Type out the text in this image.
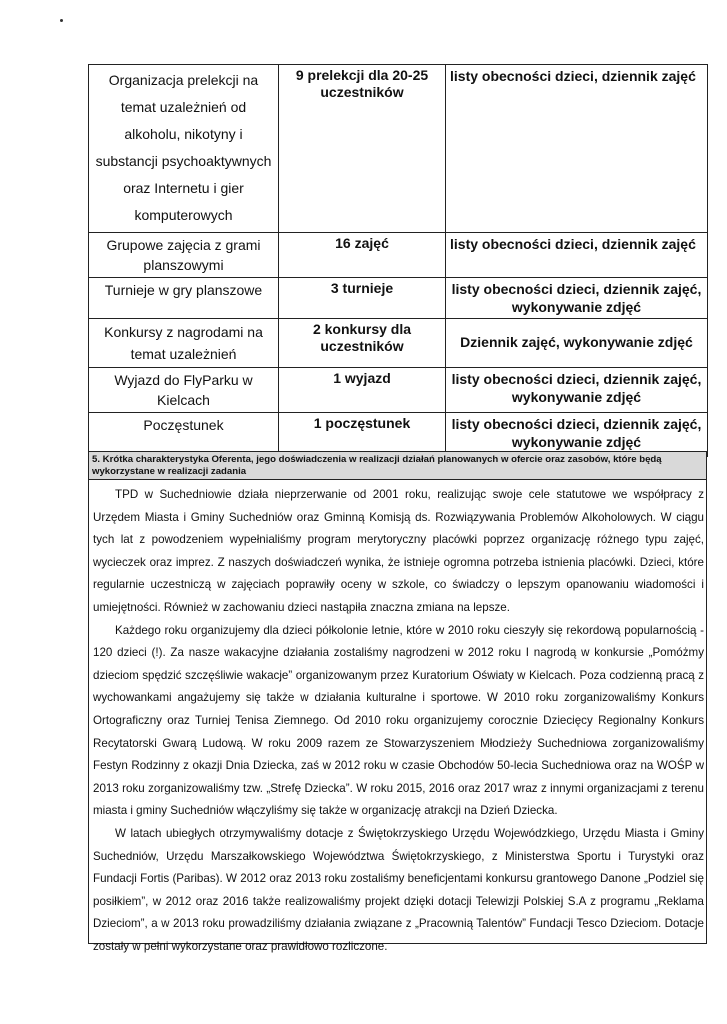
Organizacja prelekcji na temat uzależnień od alkoholu, nikotyny i substancji psychoaktywnych oraz Internetu i gier komputerowych	9 prelekcji dla 20-25 uczestników	listy obecności dzieci, dziennik zajęć
Grupowe zajęcia z grami planszowymi	16 zajęć	listy obecności dzieci, dziennik zajęć
Turnieje w gry planszowe	3 turnieje	listy obecności dzieci, dziennik zajęć, wykonywanie zdjęć
Konkursy z nagrodami na temat uzależnień	2 konkursy dla uczestników	Dziennik zajęć, wykonywanie zdjęć
Wyjazd do FlyParku w Kielcach	1 wyjazd	listy obecności dzieci, dziennik zajęć, wykonywanie zdjęć
Poczęstunek	1 poczęstunek	listy obecności dzieci, dziennik zajęć, wykonywanie zdjęć
5. Krótka charakterystyka Oferenta, jego doświadczenia w realizacji działań planowanych w ofercie oraz zasobów, które będą wykorzystane w realizacji zadania

TPD w Suchedniowie działa nieprzerwanie od 2001 roku, realizując swoje cele statutowe we współpracy z Urzędem Miasta i Gminy Suchedniów oraz Gminną Komisją ds. Rozwiązywania Problemów Alkoholowych. W ciągu tych lat z powodzeniem wypełnialiśmy program merytoryczny placówki poprzez organizację różnego typu zajęć, wycieczek oraz imprez. Z naszych doświadczeń wynika, że istnieje ogromna potrzeba istnienia placówki. Dzieci, które regularnie uczestniczą w zajęciach poprawiły oceny w szkole, co świadczy o lepszym opanowaniu wiadomości i umiejętności. Również w zachowaniu dzieci nastąpiła znaczna zmiana na lepsze.

Każdego roku organizujemy dla dzieci półkolonie letnie, które w 2010 roku cieszyły się rekordową popularnością - 120 dzieci (!). Za nasze wakacyjne działania zostaliśmy nagrodzeni w 2012 roku I nagrodą w konkursie „Pomóżmy dzieciom spędzić szczęśliwie wakacje” organizowanym przez Kuratorium Oświaty w Kielcach. Poza codzienną pracą z wychowankami angażujemy się także w działania kulturalne i sportowe. W 2010 roku zorganizowaliśmy Konkurs Ortograficzny oraz Turniej Tenisa Ziemnego. Od 2010 roku organizujemy corocznie Dziecięcy Regionalny Konkurs Recytatorski Gwarą Ludową. W roku 2009 razem ze Stowarzyszeniem Młodzieży Suchedniowa zorganizowaliśmy Festyn Rodzinny z okazji Dnia Dziecka, zaś w 2012 roku w czasie Obchodów 50-lecia Suchedniowa oraz na WOŚP w 2013 roku zorganizowaliśmy tzw. „Strefę Dziecka”. W roku 2015, 2016 oraz 2017 wraz z innymi organizacjami z terenu miasta i gminy Suchedniów włączyliśmy się także w organizację atrakcji na Dzień Dziecka.

W latach ubiegłych otrzymywaliśmy dotacje z Świętokrzyskiego Urzędu Wojewódzkiego, Urzędu Miasta i Gminy Suchedniów, Urzędu Marszałkowskiego Województwa Świętokrzyskiego, z Ministerstwa Sportu i Turystyki oraz Fundacji Fortis (Paribas). W 2012 oraz 2013 roku zostaliśmy beneficjentami konkursu grantowego Danone „Podziel się posiłkiem”, w 2012 oraz 2016 także realizowaliśmy projekt dzięki dotacji Telewizji Polskiej S.A z programu „Reklama Dzieciom”, a w 2013 roku prowadziliśmy działania związane z „Pracownią Talentów” Fundacji Tesco Dzieciom. Dotacje zostały w pełni wykorzystane oraz prawidłowo rozliczone.
